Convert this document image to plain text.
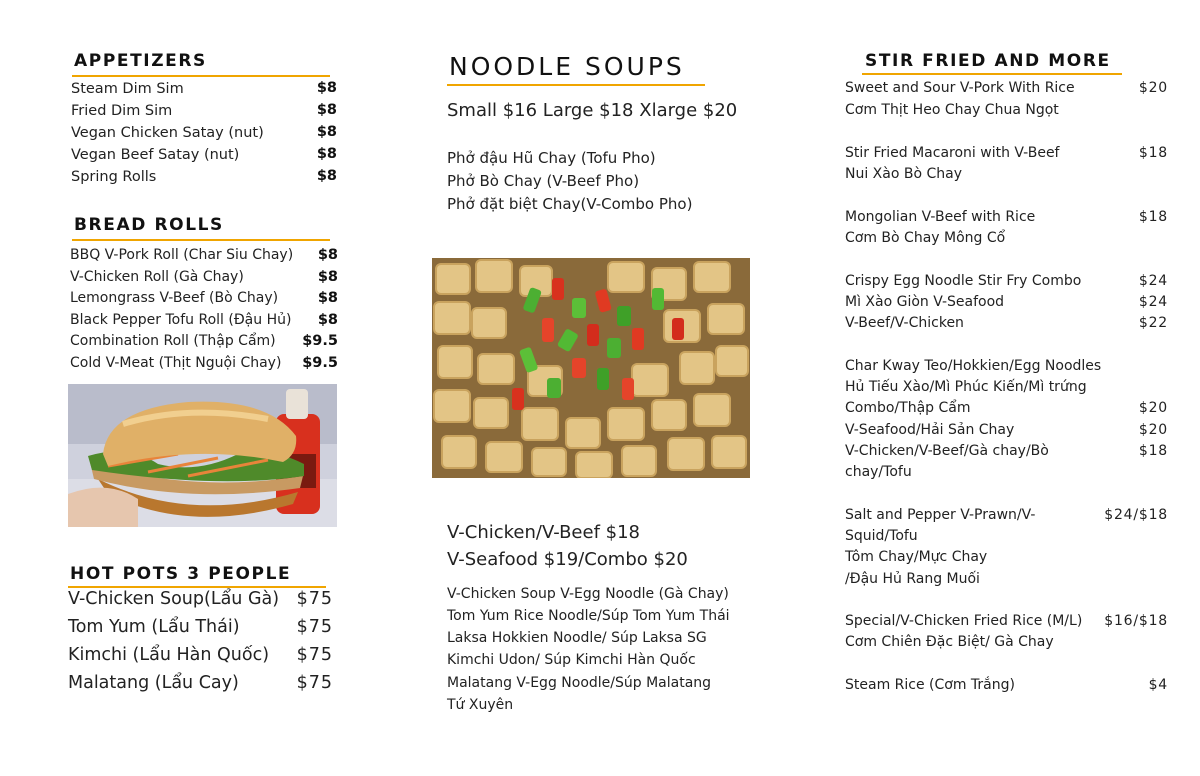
APPETIZERS
Steam Dim Sim	$8
Fried Dim Sim	$8
Vegan Chicken Satay (nut)	$8
Vegan Beef Satay (nut)	$8
Spring Rolls	$8
BREAD ROLLS
BBQ V-Pork Roll (Char Siu Chay)	$8
V-Chicken Roll (Gà Chay)	$8
Lemongrass V-Beef (Bò Chay)	$8
Black Pepper Tofu Roll (Đậu Hủ)	$8
Combination Roll (Thập Cẩm)	$9.5
Cold V-Meat (Thịt Nguội Chay)	$9.5
HOT POTS 3 PEOPLE
V-Chicken Soup(Lẩu Gà)	$75
Tom Yum (Lẩu Thái)	$75
Kimchi (Lẩu Hàn Quốc)	$75
Malatang (Lẩu Cay)	$75
NOODLE SOUPS
Small $16 Large $18 Xlarge $20
Phở đậu Hũ Chay (Tofu Pho)
Phở Bò Chay (V-Beef Pho)
Phở đặt biệt Chay(V-Combo Pho)
V-Chicken/V-Beef $18
V-Seafood $19/Combo $20
V-Chicken Soup V-Egg Noodle (Gà Chay)
Tom Yum Rice Noodle/Súp Tom Yum Thái
Laksa Hokkien Noodle/ Súp Laksa SG
Kimchi Udon/ Súp Kimchi Hàn Quốc
Malatang V-Egg Noodle/Súp Malatang
Tứ Xuyên
STIR FRIED AND MORE
Sweet and Sour V-Pork With Rice	$20
Cơm Thịt Heo Chay Chua Ngọt
Stir Fried Macaroni with V-Beef	$18
Nui Xào Bò Chay
Mongolian V-Beef with Rice	$18
Cơm Bò Chay Mông Cổ
Crispy Egg Noodle Stir Fry Combo	$24
Mì Xào Giòn V-Seafood	$24
V-Beef/V-Chicken	$22
Char Kway Teo/Hokkien/Egg Noodles
Hủ Tiếu Xào/Mì Phúc Kiến/Mì trứng
Combo/Thập Cẩm	$20
V-Seafood/Hải Sản Chay	$20
V-Chicken/V-Beef/Gà chay/Bò	$18
chay/Tofu
Salt and Pepper V-Prawn/V-	$24/$18
Squid/Tofu
Tôm Chay/Mực Chay
/Đậu Hủ Rang Muối
Special/V-Chicken Fried Rice (M/L)	$16/$18
Cơm Chiên Đặc Biệt/ Gà Chay
Steam Rice (Cơm Trắng)	$4
